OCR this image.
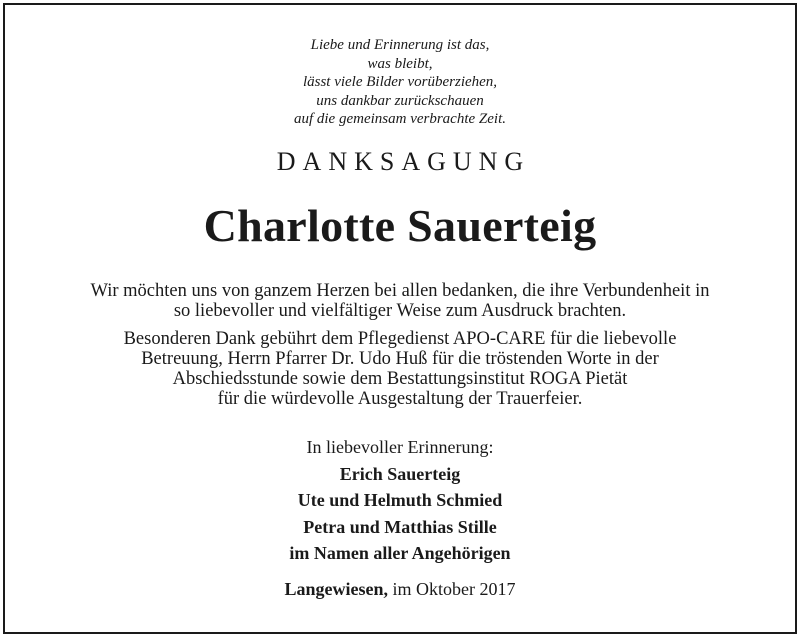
Liebe und Erinnerung ist das,
was bleibt,
lässt viele Bilder vorüberziehen,
uns dankbar zurückschauen
auf die gemeinsam verbrachte Zeit.
DANKSAGUNG
Charlotte Sauerteig
Wir möchten uns von ganzem Herzen bei allen bedanken, die ihre Verbundenheit in
so liebevoller und vielfältiger Weise zum Ausdruck brachten.
Besonderen Dank gebührt dem Pflegedienst APO-CARE für die liebevolle
Betreuung, Herrn Pfarrer Dr. Udo Huß für die tröstenden Worte in der
Abschiedsstunde sowie dem Bestattungsinstitut ROGA Pietät
für die würdevolle Ausgestaltung der Trauerfeier.
In liebevoller Erinnerung:
Erich Sauerteig
Ute und Helmuth Schmied
Petra und Matthias Stille
im Namen aller Angehörigen
Langewiesen, im Oktober 2017
